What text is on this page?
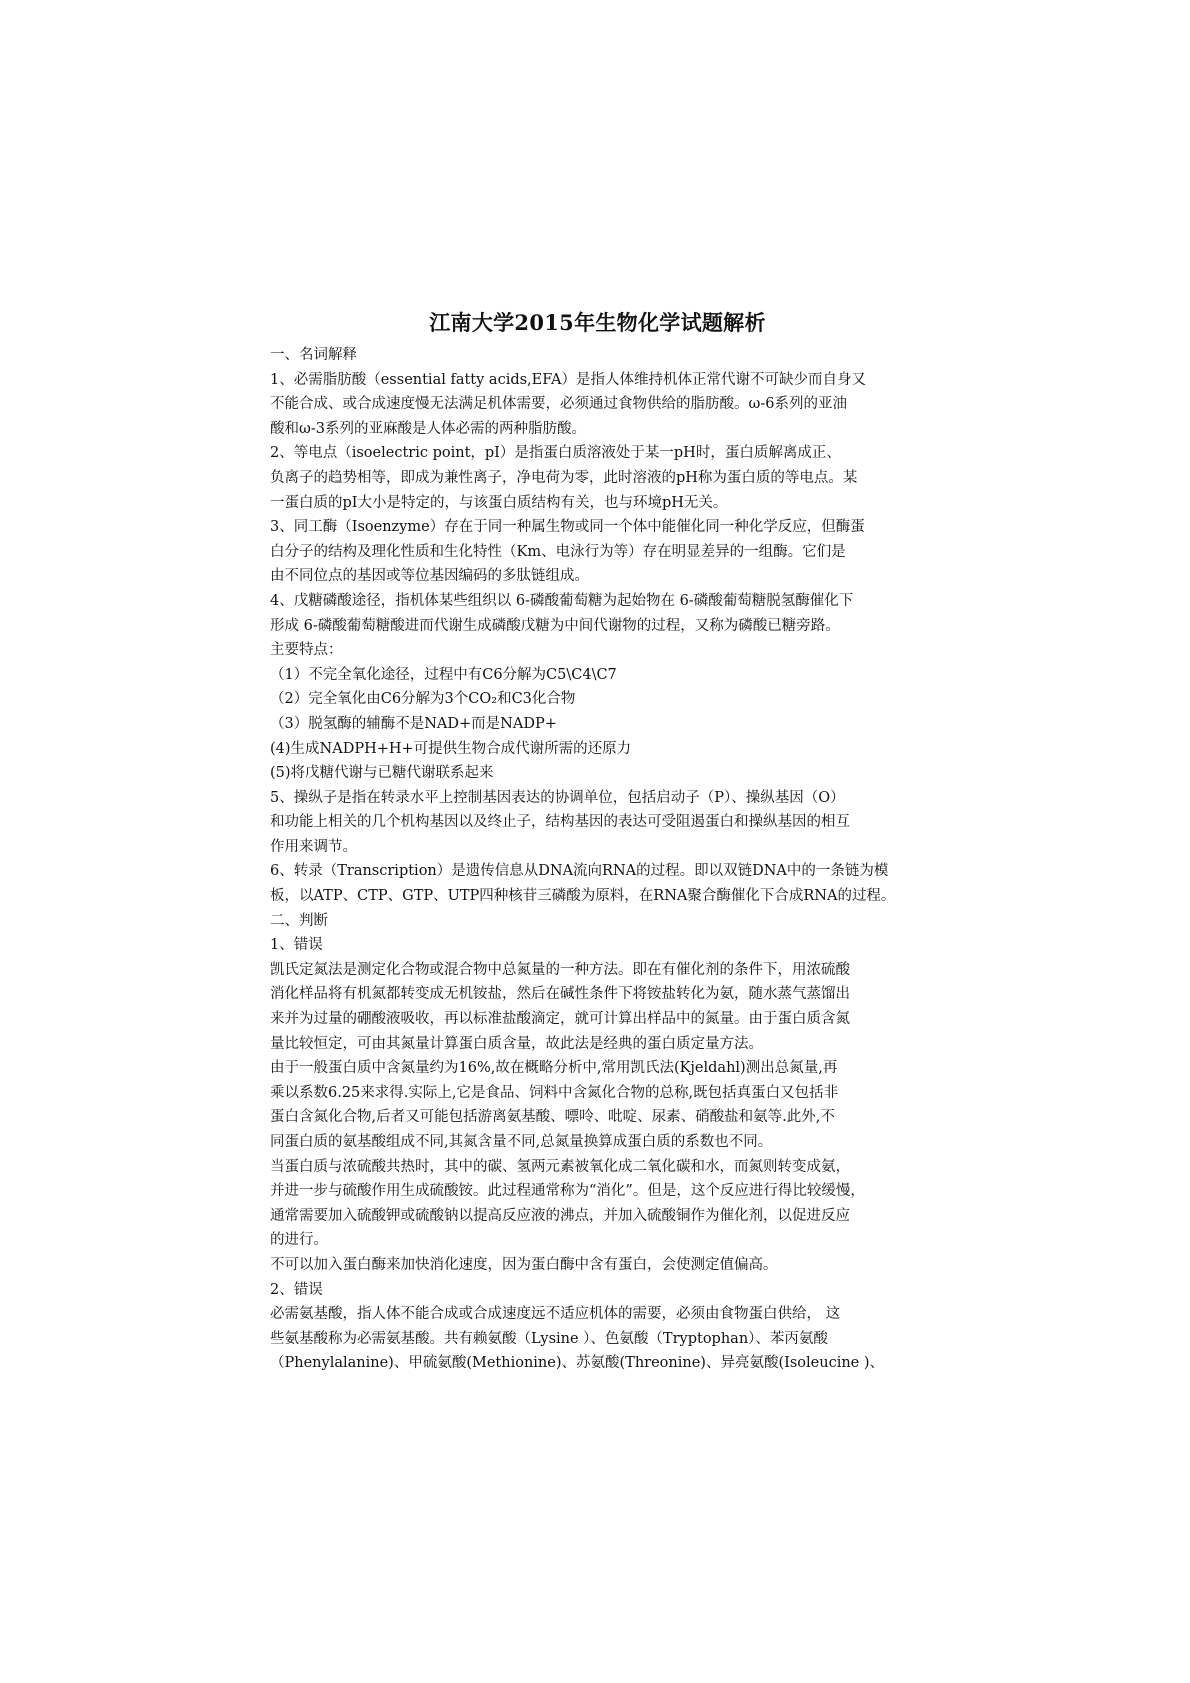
江南大学2015年生物化学试题解析

一、名词解释

1、必需脂肪酸（essential fatty acids,EFA）是指人体维持机体正常代谢不可缺少而自身又

不能合成、或合成速度慢无法满足机体需要，必须通过食物供给的脂肪酸。ω-6系列的亚油

酸和ω-3系列的亚麻酸是人体必需的两种脂肪酸。

2、等电点（isoelectric point，pI）是指蛋白质溶液处于某一pH时，蛋白质解离成正、

负离子的趋势相等，即成为兼性离子，净电荷为零，此时溶液的pH称为蛋白质的等电点。某

一蛋白质的pI大小是特定的，与该蛋白质结构有关，也与环境pH无关。

3、同工酶（Isoenzyme）存在于同一种属生物或同一个体中能催化同一种化学反应，但酶蛋

白分子的结构及理化性质和生化特性（Km、电泳行为等）存在明显差异的一组酶。它们是

由不同位点的基因或等位基因编码的多肽链组成。

4、戊糖磷酸途径，指机体某些组织以 6-磷酸葡萄糖为起始物在 6-磷酸葡萄糖脱氢酶催化下

形成 6-磷酸葡萄糖酸进而代谢生成磷酸戊糖为中间代谢物的过程，又称为磷酸已糖旁路。

主要特点：

（1）不完全氧化途径，过程中有C6分解为C5\C4\C7

（2）完全氧化由C6分解为3个CO₂和C3化合物

（3）脱氢酶的辅酶不是NAD+而是NADP+

(4)生成NADPH+H+可提供生物合成代谢所需的还原力

(5)将戊糖代谢与已糖代谢联系起来

5、操纵子是指在转录水平上控制基因表达的协调单位，包括启动子（P）、操纵基因（O）

和功能上相关的几个机构基因以及终止子，结构基因的表达可受阻遏蛋白和操纵基因的相互

作用来调节。

6、转录（Transcription）是遗传信息从DNA流向RNA的过程。即以双链DNA中的一条链为模

板，以ATP、CTP、GTP、UTP四种核苷三磷酸为原料，在RNA聚合酶催化下合成RNA的过程。

二、判断

1、错误

凯氏定氮法是测定化合物或混合物中总氮量的一种方法。即在有催化剂的条件下，用浓硫酸

消化样品将有机氮都转变成无机铵盐，然后在碱性条件下将铵盐转化为氨，随水蒸气蒸馏出

来并为过量的硼酸液吸收，再以标准盐酸滴定，就可计算出样品中的氮量。由于蛋白质含氮

量比较恒定，可由其氮量计算蛋白质含量，故此法是经典的蛋白质定量方法。

由于一般蛋白质中含氮量约为16%,故在概略分析中,常用凯氏法(Kjeldahl)测出总氮量,再

乘以系数6.25来求得.实际上,它是食品、饲料中含氮化合物的总称,既包括真蛋白又包括非

蛋白含氮化合物,后者又可能包括游离氨基酸、嘌呤、吡啶、尿素、硝酸盐和氨等.此外,不

同蛋白质的氨基酸组成不同,其氮含量不同,总氮量换算成蛋白质的系数也不同。

当蛋白质与浓硫酸共热时，其中的碳、氢两元素被氧化成二氧化碳和水，而氮则转变成氨，

并进一步与硫酸作用生成硫酸铵。此过程通常称为“消化”。但是，这个反应进行得比较缓慢，

通常需要加入硫酸钾或硫酸钠以提高反应液的沸点，并加入硫酸铜作为催化剂，以促进反应

的进行。

不可以加入蛋白酶来加快消化速度，因为蛋白酶中含有蛋白，会使测定值偏高。

2、错误

必需氨基酸，指人体不能合成或合成速度远不适应机体的需要，必须由食物蛋白供给， 这

些氨基酸称为必需氨基酸。共有赖氨酸（Lysine ）、色氨酸（Tryptophan）、苯丙氨酸

（Phenylalanine)、甲硫氨酸(Methionine)、苏氨酸(Threonine)、异亮氨酸(Isoleucine )、
